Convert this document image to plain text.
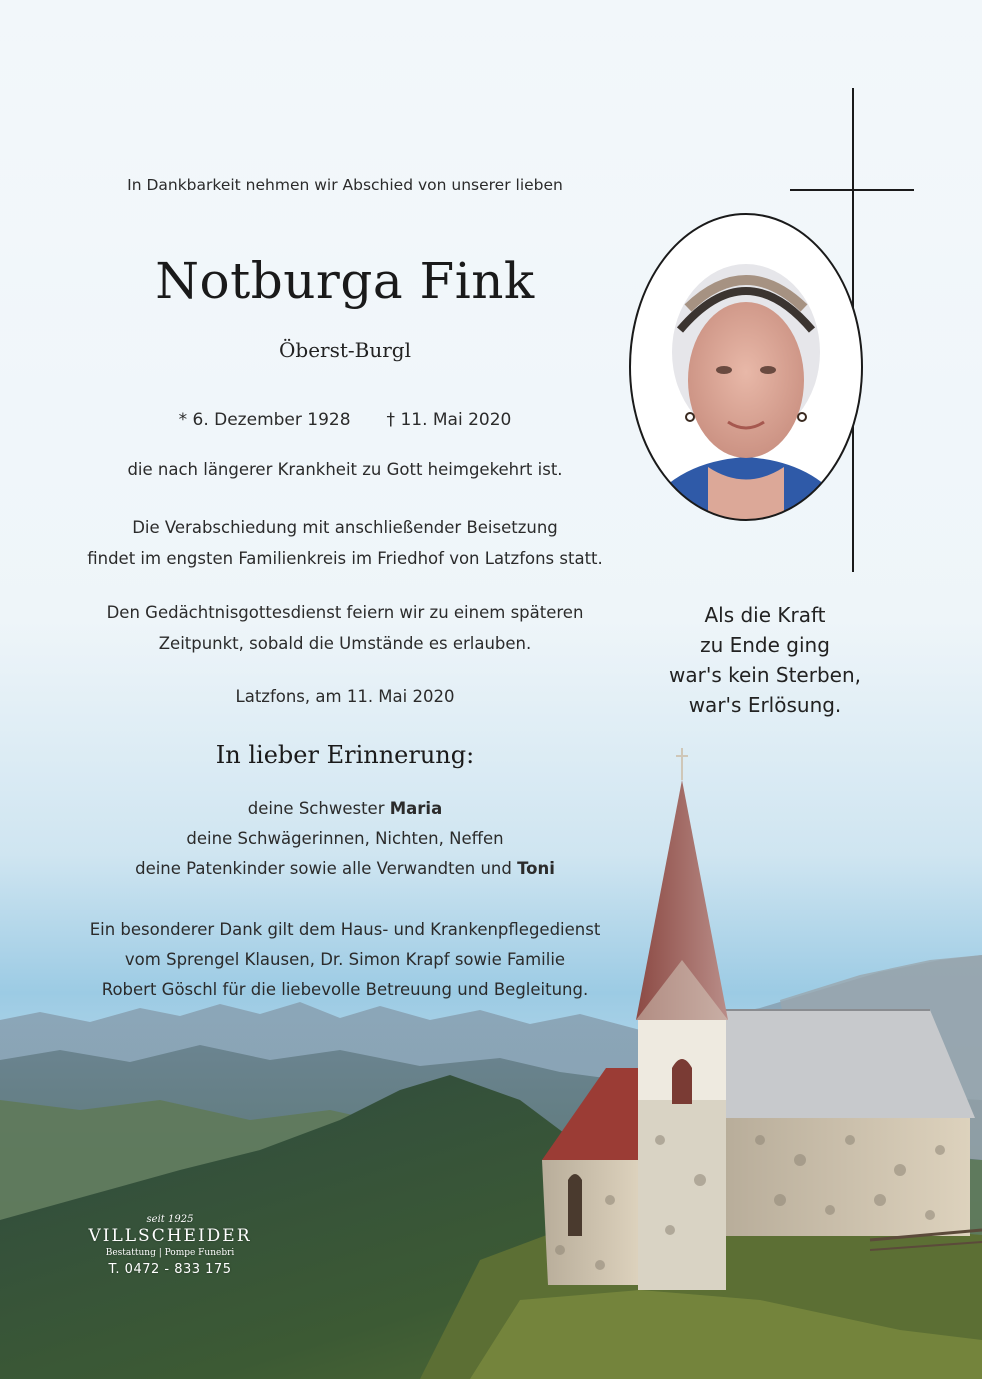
In Dankbarkeit nehmen wir Abschied von unserer lieben
Notburga Fink
Öberst-Burgl
* 6. Dezember 1928 † 11. Mai 2020
die nach längerer Krankheit zu Gott heimgekehrt ist.
Die Verabschiedung mit anschließender Beisetzung
findet im engsten Familienkreis im Friedhof von Latzfons statt.
Den Gedächtnisgottesdienst feiern wir zu einem späteren
Zeitpunkt, sobald die Umstände es erlauben.
Latzfons, am 11. Mai 2020
In lieber Erinnerung:
deine Schwester Maria
deine Schwägerinnen, Nichten, Neffen
deine Patenkinder sowie alle Verwandten und Toni
Ein besonderer Dank gilt dem Haus- und Krankenpflegedienst
vom Sprengel Klausen, Dr. Simon Krapf sowie Familie
Robert Göschl für die liebevolle Betreuung und Begleitung.
Als die Kraft
zu Ende ging
war's kein Sterben,
war's Erlösung.
seit 1925
VILLSCHEIDER
Bestattung | Pompe Funebri
T. 0472 - 833 175
